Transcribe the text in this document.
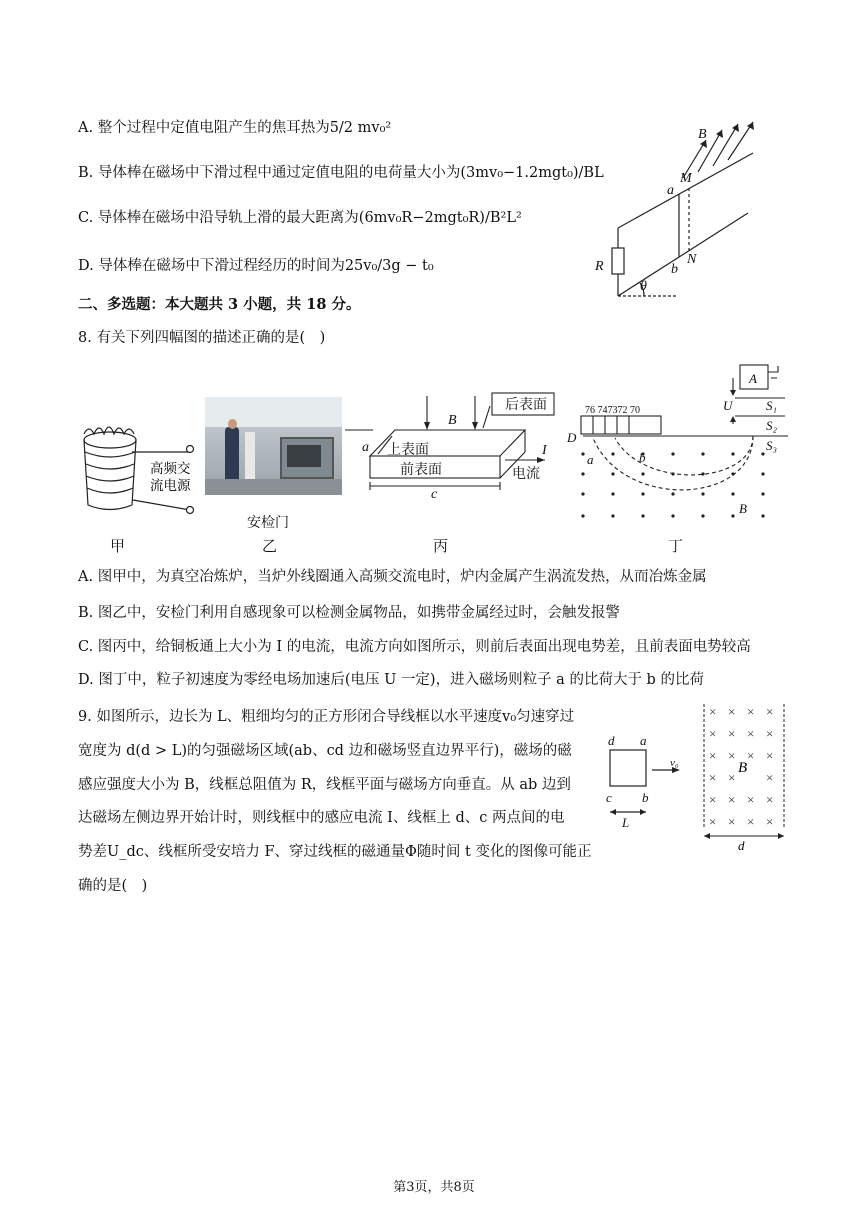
A. 整个过程中定值电阻产生的焦耳热为5/2 mv₀²
B. 导体棒在磁场中下滑过程中通过定值电阻的电荷量大小为(3mv₀−1.2mgt₀)/BL
C. 导体棒在磁场中沿导轨上滑的最大距离为(6mv₀R−2mgt₀R)/B²L²
D. 导体棒在磁场中下滑过程经历的时间为25v₀/3g − t₀
B
M
a
N
b
R
θ
二、多选题：本大题共 3 小题，共 18 分。
8. 有关下列四幅图的描述正确的是(　)
高频交
流电源
甲
安检门
乙
B
后表面
上表面
前表面
a
c
I
电流
丙
76 747372 70
A
U	S₁
S₂
S₃
D
a	b
B
丁
A. 图甲中，为真空冶炼炉，当炉外线圈通入高频交流电时，炉内金属产生涡流发热，从而冶炼金属
B. 图乙中，安检门利用自感现象可以检测金属物品，如携带金属经过时，会触发报警
C. 图丙中，给铜板通上大小为 I 的电流，电流方向如图所示，则前后表面出现电势差，且前表面电势较高
D. 图丁中，粒子初速度为零经电场加速后(电压 U 一定)，进入磁场则粒子 a 的比荷大于 b 的比荷
9. 如图所示，边长为 L、粗细均匀的正方形闭合导线框以水平速度v₀匀速穿过
宽度为 d(d > L)的匀强磁场区域(ab、cd 边和磁场竖直边界平行)，磁场的磁
感应强度大小为 B，线框总阻值为 R，线框平面与磁场方向垂直。从 ab 边到
达磁场左侧边界开始计时，则线框中的感应电流 I、线框上 d、c 两点间的电
势差U_dc、线框所受安培力 F、穿过线框的磁通量Φ随时间 t 变化的图像可能正
确的是(　)
d a
c b
v₀
L
× × × ×
× × × ×
× × × ×
× × ×
× × × ×
× × × ×
B
d
第3页，共8页
